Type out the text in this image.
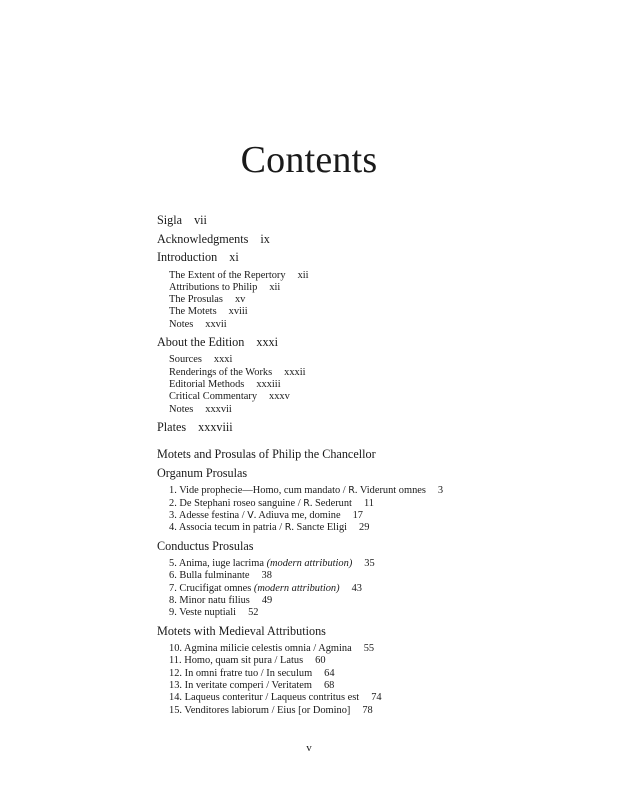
Contents
Sigla vii
Acknowledgments ix
Introduction xi
The Extent of the Repertory xii
Attributions to Philip xii
The Prosulas xv
The Motets xviii
Notes xxvii
About the Edition xxxi
Sources xxxi
Renderings of the Works xxxii
Editorial Methods xxxiii
Critical Commentary xxxv
Notes xxxvii
Plates xxxviii
Motets and Prosulas of Philip the Chancellor
Organum Prosulas
1. Vide prophecie—Homo, cum mandato / R. Viderunt omnes 3
2. De Stephani roseo sanguine / R. Sederunt 11
3. Adesse festina / V. Adiuva me, domine 17
4. Associa tecum in patria / R. Sancte Eligi 29
Conductus Prosulas
5. Anima, iuge lacrima (modern attribution) 35
6. Bulla fulminante 38
7. Crucifigat omnes (modern attribution) 43
8. Minor natu filius 49
9. Veste nuptiali 52
Motets with Medieval Attributions
10. Agmina milicie celestis omnia / Agmina 55
11. Homo, quam sit pura / Latus 60
12. In omni fratre tuo / In seculum 64
13. In veritate comperi / Veritatem 68
14. Laqueus conteritur / Laqueus contritus est 74
15. Venditores labiorum / Eius [or Domino] 78
v
